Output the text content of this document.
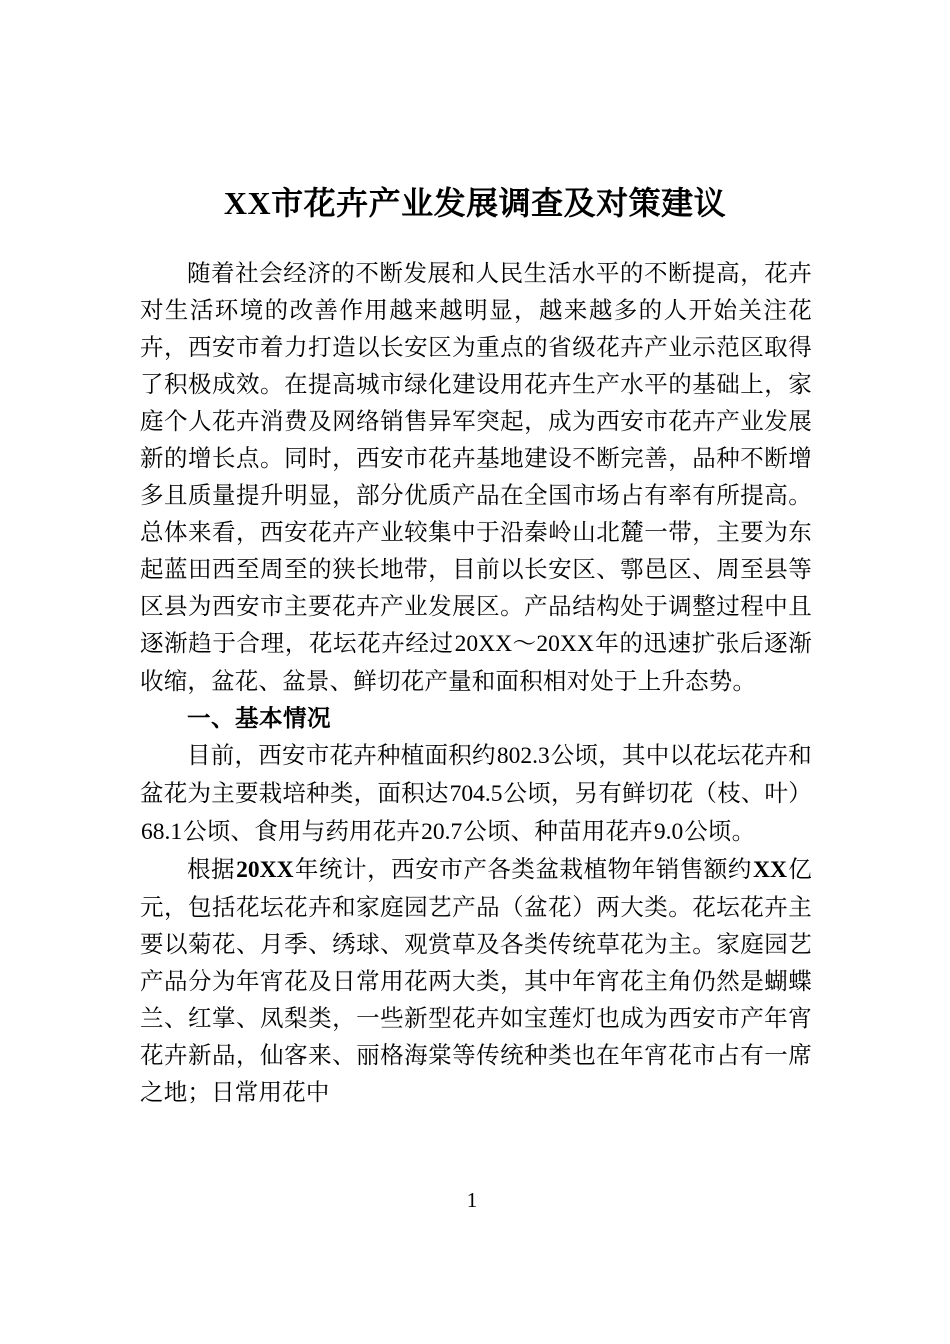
XX市花卉产业发展调查及对策建议

随着社会经济的不断发展和人民生活水平的不断提高，花卉对生活环境的改善作用越来越明显，越来越多的人开始关注花卉，西安市着力打造以长安区为重点的省级花卉产业示范区取得了积极成效。在提高城市绿化建设用花卉生产水平的基础上，家庭个人花卉消费及网络销售异军突起，成为西安市花卉产业发展新的增长点。同时，西安市花卉基地建设不断完善，品种不断增多且质量提升明显，部分优质产品在全国市场占有率有所提高。总体来看，西安花卉产业较集中于沿秦岭山北麓一带，主要为东起蓝田西至周至的狭长地带，目前以长安区、鄠邑区、周至县等区县为西安市主要花卉产业发展区。产品结构处于调整过程中且逐渐趋于合理，花坛花卉经过20XX～20XX年的迅速扩张后逐渐收缩，盆花、盆景、鲜切花产量和面积相对处于上升态势。

一、基本情况

目前，西安市花卉种植面积约802.3公顷，其中以花坛花卉和盆花为主要栽培种类，面积达704.5公顷，另有鲜切花（枝、叶）68.1公顷、食用与药用花卉20.7公顷、种苗用花卉9.0公顷。

根据20XX年统计，西安市产各类盆栽植物年销售额约XX亿元，包括花坛花卉和家庭园艺产品（盆花）两大类。花坛花卉主要以菊花、月季、绣球、观赏草及各类传统草花为主。家庭园艺产品分为年宵花及日常用花两大类，其中年宵花主角仍然是蝴蝶兰、红掌、凤梨类，一些新型花卉如宝莲灯也成为西安市产年宵花卉新品，仙客来、丽格海棠等传统种类也在年宵花市占有一席之地；日常用花中

1
